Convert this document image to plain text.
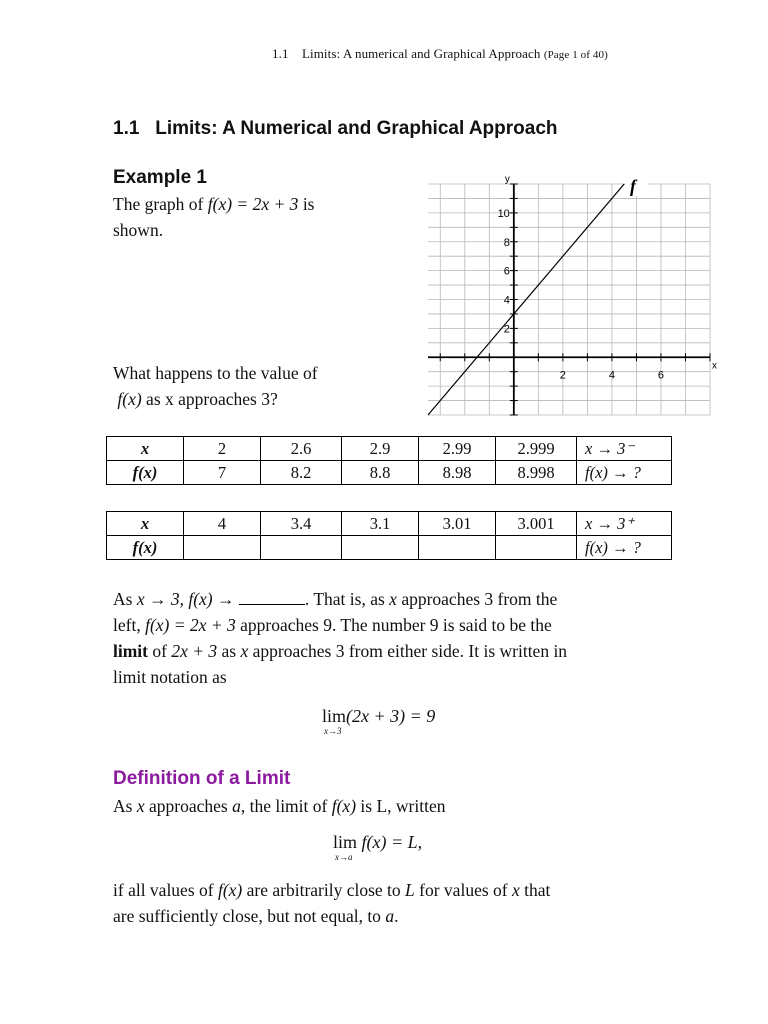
1.1 Limits: A numerical and Graphical Approach (Page 1 of 40)
1.1   Limits: A Numerical and Graphical Approach
Example 1
The graph of f(x) = 2x + 3 is
shown.
What happens to the value of
f(x) as x approaches 3?
2	4	6
2
4
6
8
10
y
x
f
x	2	2.6	2.9	2.99	2.999	x → 3⁻
f(x)	7	8.2	8.8	8.98	8.998	f(x) → ?
x	4	3.4	3.1	3.01	3.001	x → 3⁺
f(x)						f(x) → ?
As x → 3, f(x) →	. That is, as x approaches 3 from the
left, f(x) = 2x + 3 approaches 9. The number 9 is said to be the
limit of 2x + 3 as x approaches 3 from either side. It is written in
limit notation as
lim(2x + 3) = 9
x→3
Definition of a Limit
As x approaches a, the limit of f(x) is L, written
lim f(x) = L,
x→a
if all values of f(x) are arbitrarily close to L for values of x that
are sufficiently close, but not equal, to a.
